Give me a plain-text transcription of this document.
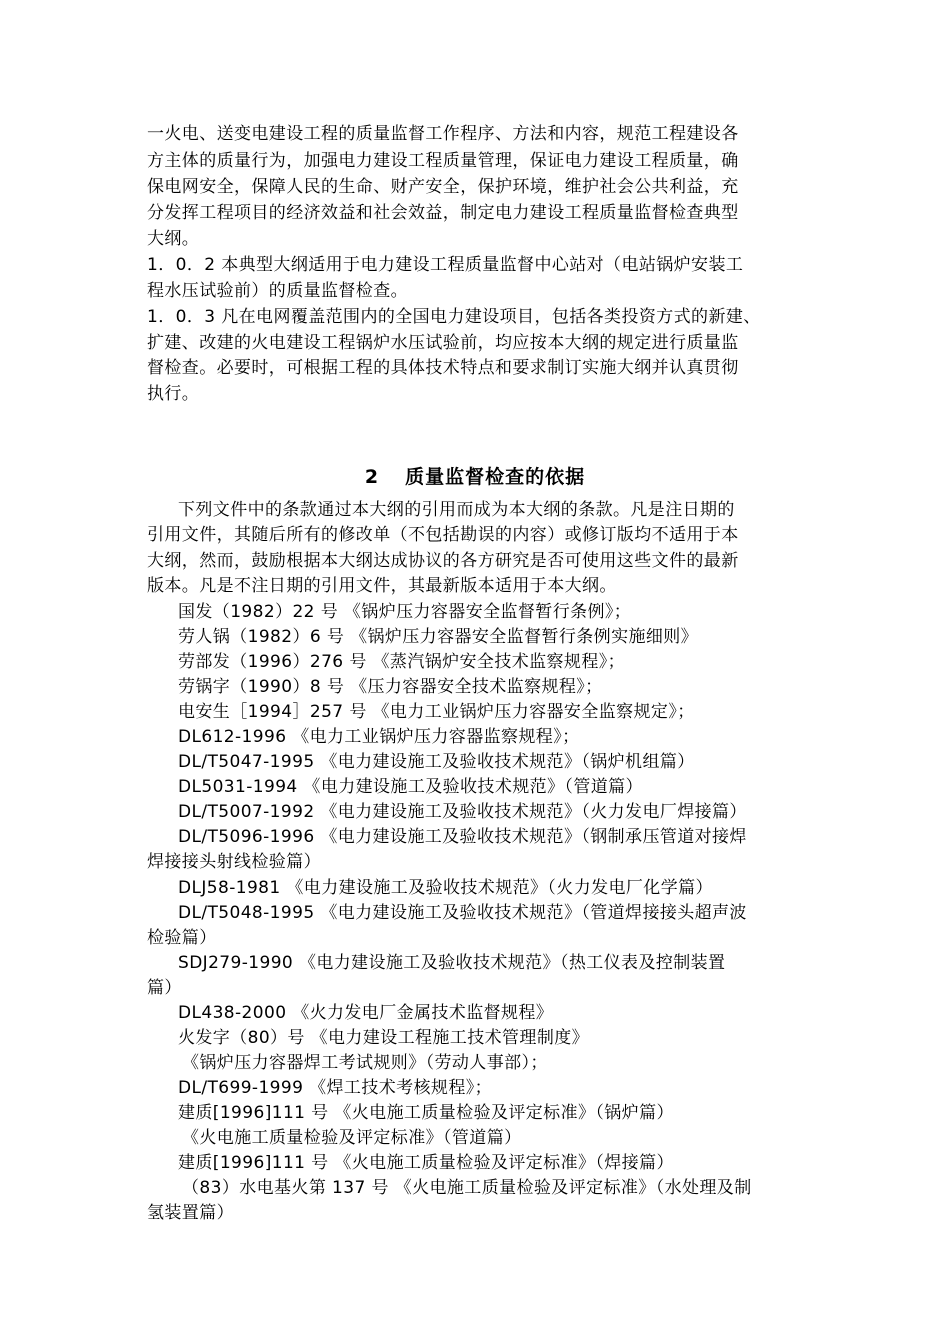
一火电、送变电建设工程的质量监督工作程序、方法和内容，规范工程建设各
方主体的质量行为，加强电力建设工程质量管理，保证电力建设工程质量，确
保电网安全，保障人民的生命、财产安全，保护环境，维护社会公共利益，充
分发挥工程项目的经济效益和社会效益，制定电力建设工程质量监督检查典型
大纲。
1．0．2 本典型大纲适用于电力建设工程质量监督中心站对（电站锅炉安装工
程水压试验前）的质量监督检查。
1．0．3 凡在电网覆盖范围内的全国电力建设项目，包括各类投资方式的新建、
扩建、改建的火电建设工程锅炉水压试验前，均应按本大纲的规定进行质量监
督检查。必要时，可根据工程的具体技术特点和要求制订实施大纲并认真贯彻
执行。
2 质量监督检查的依据
下列文件中的条款通过本大纲的引用而成为本大纲的条款。凡是注日期的
引用文件，其随后所有的修改单（不包括勘误的内容）或修订版均不适用于本
大纲，然而，鼓励根据本大纲达成协议的各方研究是否可使用这些文件的最新
版本。凡是不注日期的引用文件，其最新版本适用于本大纲。
国发（1982）22 号 《锅炉压力容器安全监督暂行条例》；
劳人锅（1982）6 号 《锅炉压力容器安全监督暂行条例实施细则》
劳部发（1996）276 号 《蒸汽锅炉安全技术监察规程》；
劳锅字（1990）8 号 《压力容器安全技术监察规程》；
电安生［1994］257 号 《电力工业锅炉压力容器安全监察规定》；
DL612-1996 《电力工业锅炉压力容器监察规程》；
DL/T5047-1995 《电力建设施工及验收技术规范》（锅炉机组篇）
DL5031-1994 《电力建设施工及验收技术规范》（管道篇）
DL/T5007-1992 《电力建设施工及验收技术规范》（火力发电厂焊接篇）
DL/T5096-1996 《电力建设施工及验收技术规范》（钢制承压管道对接焊
焊接接头射线检验篇）
DLJ58-1981 《电力建设施工及验收技术规范》（火力发电厂化学篇）
DL/T5048-1995 《电力建设施工及验收技术规范》（管道焊接接头超声波
检验篇）
SDJ279-1990 《电力建设施工及验收技术规范》（热工仪表及控制装置
篇）
DL438-2000 《火力发电厂金属技术监督规程》
火发字（80）号 《电力建设工程施工技术管理制度》
《锅炉压力容器焊工考试规则》（劳动人事部）；
DL/T699-1999 《焊工技术考核规程》；
建质[1996]111 号 《火电施工质量检验及评定标准》（锅炉篇）
《火电施工质量检验及评定标准》（管道篇）
建质[1996]111 号 《火电施工质量检验及评定标准》（焊接篇）
（83）水电基火第 137 号 《火电施工质量检验及评定标准》（水处理及制
氢装置篇）
